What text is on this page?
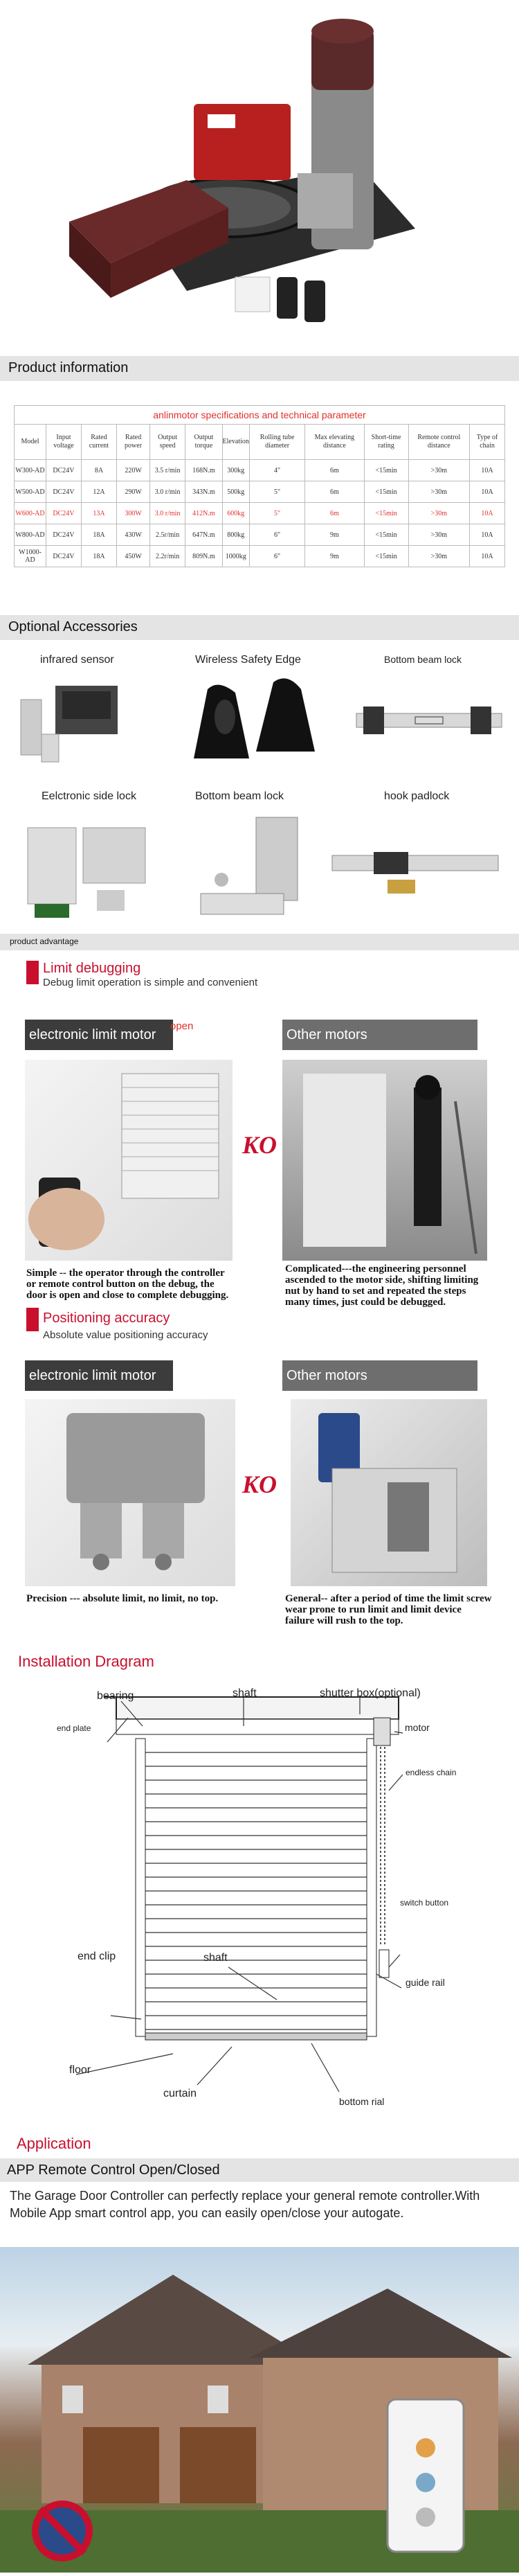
Product information
anlinmotor specifications and technical parameter
Model	Input voltage	Rated current	Rated power	Output speed	Output torque	Elevation	Rolling tube diameter	Max elevating distance	Short-time rating	Remote control distance	Type of chain
W300-AD	DC24V	8A	220W	3.5 r/min	168N.m	300kg	4"	6m	<15min	>30m	10A
W500-AD	DC24V	12A	290W	3.0 r/min	343N.m	500kg	5"	6m	<15min	>30m	10A
W600-AD	DC24V	13A	300W	3.0 r/min	412N.m	600kg	5"	6m	<15min	>30m	10A
W800-AD	DC24V	18A	430W	2.5r/min	647N.m	800kg	6"	9m	<15min	>30m	10A
W1000-AD	DC24V	18A	450W	2.2r/min	809N.m	1000kg	6"	9m	<15min	>30m	10A
Optional Accessories
infrared sensor	Wireless Safety Edge	Bottom beam lock
Eelctronic side lock	Bottom beam lock	hook padlock
product advantage
Limit debugging
Debug limit operation is simple and convenient
electronic limit motor	Other motors
open
KO
Simple -- the operator through the controller or remote control button on the debug, the door is open and close to complete debugging.
Complicated---the engineering personnel ascended to the motor side, shifting limiting nut by hand to set and repeated the steps many times, just could be debugged.
Positioning accuracy
Absolute value positioning accuracy
electronic limit motor	Other motors
KO
Precision --- absolute limit, no limit, no top.	General-- after a period of time the limit screw wear prone to run limit and limit device failure will rush to the top.
Installation Dragram
bearing	shaft	shutter box(optional)
end plate	motor
endless chain
switch button
end clip	shaft
guide rail
floor
curtain
bottom rial
Application
APP Remote Control Open/Closed
The Garage Door Controller can perfectly replace your general remote controller.With Mobile App smart control app, you can easily open/close your autogate.
